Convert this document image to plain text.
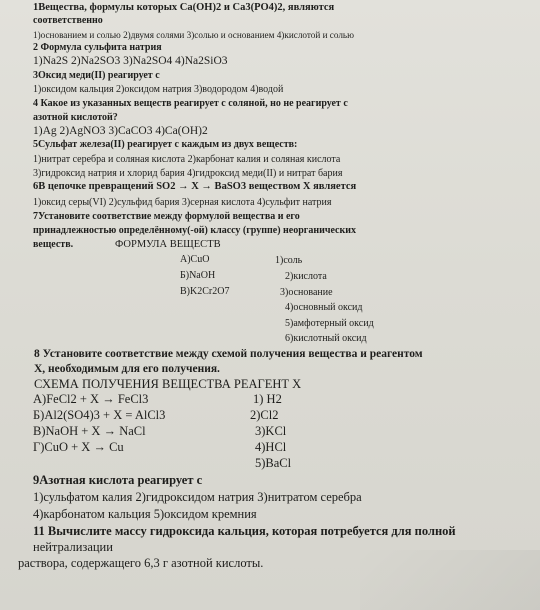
1Вещества, формулы которых Ca(OH)2 и Ca3(PO4)2, являются
соответственно
1)основанием и солью 2)двумя солями 3)солью и основанием 4)кислотой и солью
2 Формула сульфита натрия
1)Na2S 2)Na2SO3 3)Na2SO4 4)Na2SiO3
3Оксид меди(II) реагирует с
1)оксидом кальция 2)оксидом натрия 3)водородом 4)водой
4 Какое из указанных веществ реагирует с соляной, но не реагирует с
азотной кислотой?
1)Ag 2)AgNO3 3)CaCO3 4)Ca(OH)2
5Сульфат железа(II) реагирует с каждым из двух веществ:
1)нитрат серебра и соляная кислота 2)карбонат калия и соляная кислота
3)гидроксид натрия и хлорид бария 4)гидроксид меди(II) и нитрат бария
6В цепочке превращений SO2 → X → BaSO3 веществом X является
1)оксид серы(VI) 2)сульфид бария 3)серная кислота 4)сульфит натрия
7Установите соответствие между формулой вещества и его
принадлежностью определённому(-ой) классу (группе) неорганических
веществ.	ФОРМУЛА ВЕЩЕСТВ
А)CuO
Б)NaOH
В)K2Cr2O7
1)соль
2)кислота
3)основание
4)основный оксид
5)амфотерный оксид
6)кислотный оксид
8 Установите соответствие между схемой получения вещества и реагентом
X, необходимым для его получения.
СХЕМА ПОЛУЧЕНИЯ ВЕЩЕСТВА РЕАГЕНТ X
А)FeCl2 + X → FeCl3
Б)Al2(SO4)3 + X = AlCl3
В)NaOH + X → NaCl
Г)CuO + X → Cu
1) H2
2)Cl2
3)KCl
4)HCl
5)BaCl
9Азотная кислота реагирует с
1)сульфатом калия 2)гидроксидом натрия 3)нитратом серебра
4)карбонатом кальция 5)оксидом кремния
11 Вычислите массу гидроксида кальция, которая потребуется для полной
нейтрализации
раствора, содержащего 6,3 г азотной кислоты.
